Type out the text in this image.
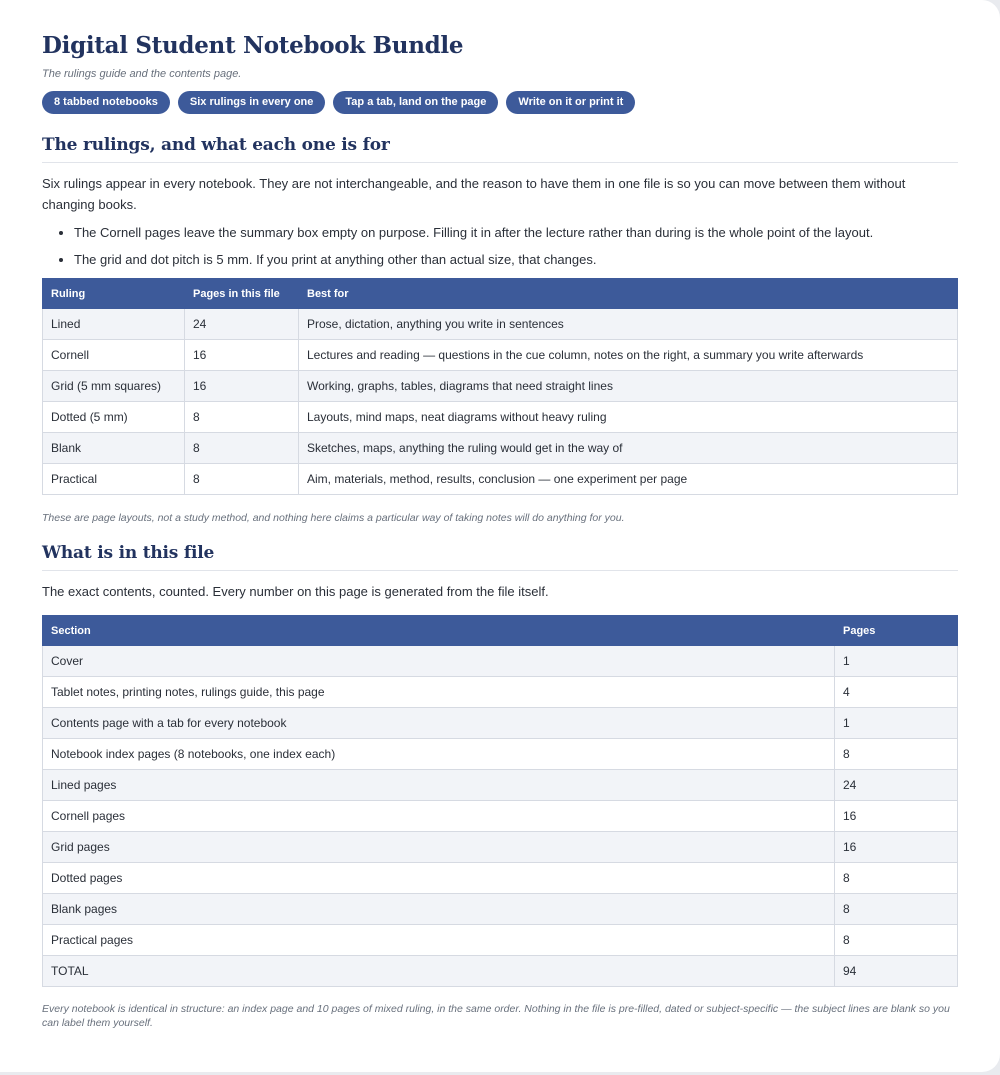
Digital Student Notebook Bundle

The rulings guide and the contents page.

8 tabbed notebooks	Six rulings in every one	Tap a tab, land on the page	Write on it or print it
The rulings, and what each one is for

Six rulings appear in every notebook. They are not interchangeable, and the reason to have them in one file is so you can move between them without changing books.

• The Cornell pages leave the summary box empty on purpose. Filling it in after the lecture rather than during is the whole point of the layout.
• The grid and dot pitch is 5 mm. If you print at anything other than actual size, that changes.
Ruling	Pages in this file	Best for
Lined	24	Prose, dictation, anything you write in sentences
Cornell	16	Lectures and reading — questions in the cue column, notes on the right, a summary you write afterwards
Grid (5 mm squares)	16	Working, graphs, tables, diagrams that need straight lines
Dotted (5 mm)	8	Layouts, mind maps, neat diagrams without heavy ruling
Blank	8	Sketches, maps, anything the ruling would get in the way of
Practical	8	Aim, materials, method, results, conclusion — one experiment per page

These are page layouts, not a study method, and nothing here claims a particular way of taking notes will do anything for you.

What is in this file

The exact contents, counted. Every number on this page is generated from the file itself.

Section	Pages
Cover	1
Tablet notes, printing notes, rulings guide, this page	4
Contents page with a tab for every notebook	1
Notebook index pages (8 notebooks, one index each)	8
Lined pages	24
Cornell pages	16
Grid pages	16
Dotted pages	8
Blank pages	8
Practical pages	8
TOTAL	94

Every notebook is identical in structure: an index page and 10 pages of mixed ruling, in the same order. Nothing in the file is pre-filled, dated or subject-specific — the subject lines are blank so you can label them yourself.
